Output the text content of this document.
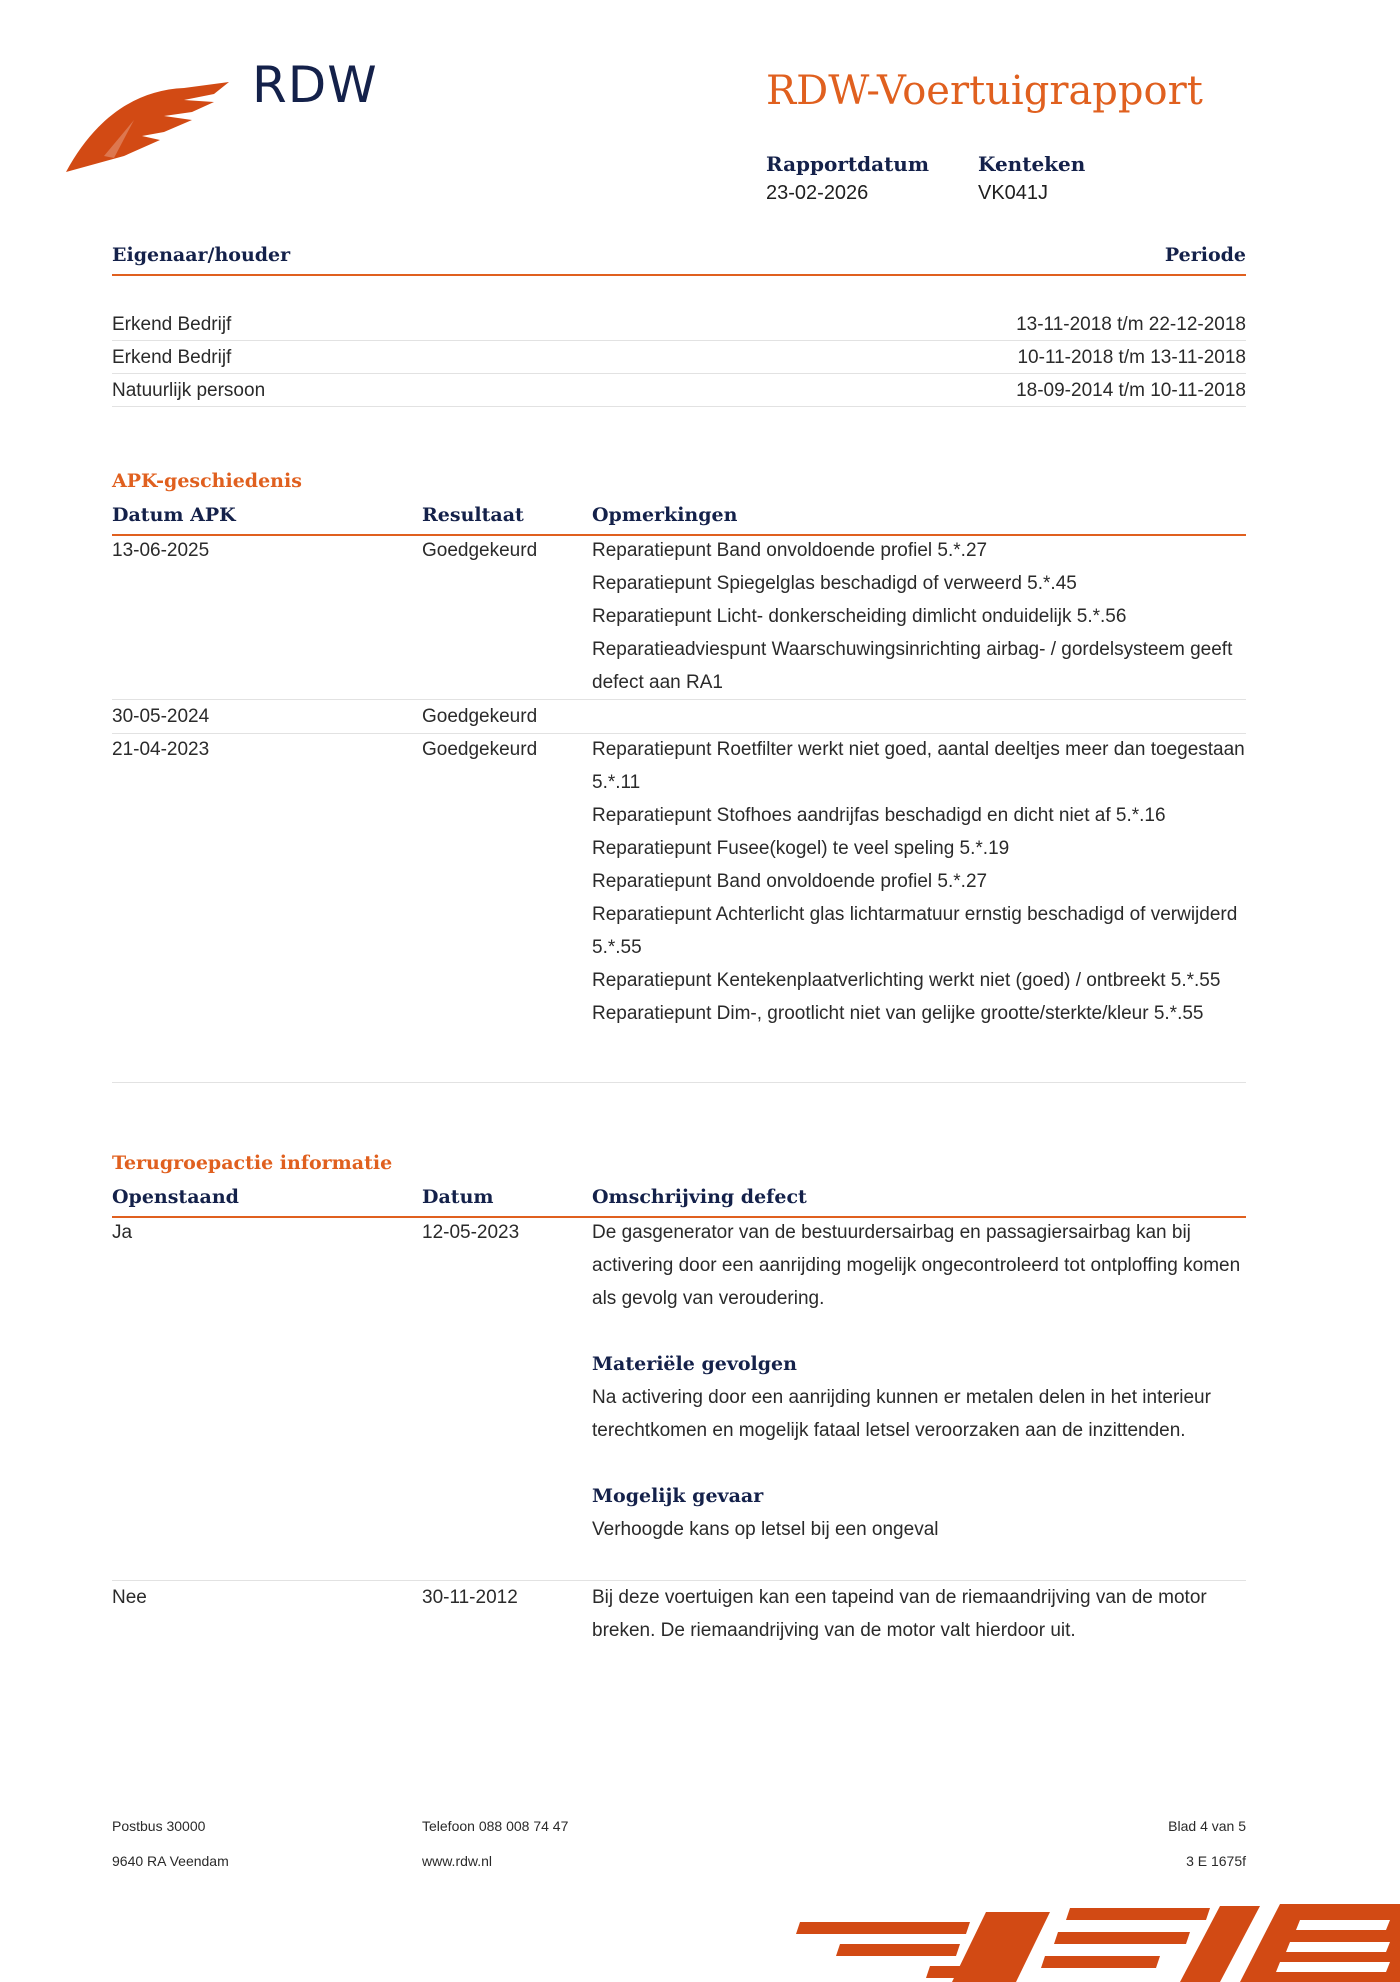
RDW	RDW-Voertuigrapport
Rapportdatum
23-02-2026
Kenteken
VK041J
Eigenaar/houder	Periode
Erkend Bedrijf	13-11-2018 t/m 22-12-2018
Erkend Bedrijf	10-11-2018 t/m 13-11-2018
Natuurlijk persoon	18-09-2014 t/m 10-11-2018
APK-geschiedenis
Datum APK	Resultaat	Opmerkingen
13-06-2025	Goedgekeurd	Reparatiepunt Band onvoldoende profiel 5.*.27
Reparatiepunt Spiegelglas beschadigd of verweerd 5.*.45
Reparatiepunt Licht- donkerscheiding dimlicht onduidelijk 5.*.56
Reparatieadviespunt Waarschuwingsinrichting airbag- / gordelsysteem geeft defect aan RA1
30-05-2024	Goedgekeurd
21-04-2023	Goedgekeurd	Reparatiepunt Roetfilter werkt niet goed, aantal deeltjes meer dan toegestaan 5.*.11
Reparatiepunt Stofhoes aandrijfas beschadigd en dicht niet af 5.*.16
Reparatiepunt Fusee(kogel) te veel speling 5.*.19
Reparatiepunt Band onvoldoende profiel 5.*.27
Reparatiepunt Achterlicht glas lichtarmatuur ernstig beschadigd of verwijderd 5.*.55
Reparatiepunt Kentekenplaatverlichting werkt niet (goed) / ontbreekt 5.*.55
Reparatiepunt Dim-, grootlicht niet van gelijke grootte/sterkte/kleur 5.*.55
Terugroepactie informatie
Openstaand	Datum	Omschrijving defect
Ja	12-05-2023	De gasgenerator van de bestuurdersairbag en passagiersairbag kan bij activering door een aanrijding mogelijk ongecontroleerd tot ontploffing komen als gevolg van veroudering.
Materiële gevolgen
Na activering door een aanrijding kunnen er metalen delen in het interieur terechtkomen en mogelijk fataal letsel veroorzaken aan de inzittenden.
Mogelijk gevaar
Verhoogde kans op letsel bij een ongeval
Nee	30-11-2012	Bij deze voertuigen kan een tapeind van de riemaandrijving van de motor breken. De riemaandrijving van de motor valt hierdoor uit.
Postbus 30000
9640 RA Veendam
Telefoon 088 008 74 47
www.rdw.nl
Blad 4 van 5
3 E 1675f
